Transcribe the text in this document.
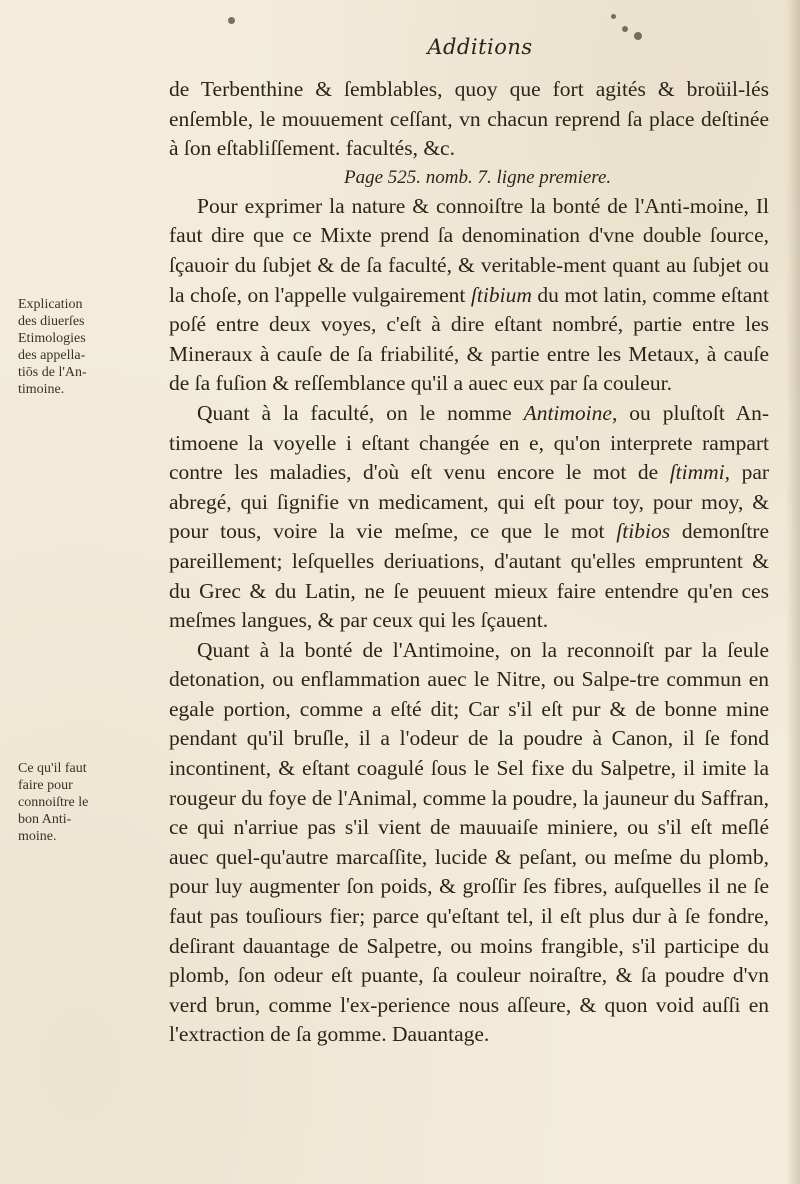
Additions

de Terbenthine & ſemblables, quoy que fort agités & broüil-lés enſemble, le mouuement ceſſant, vn chacun reprend ſa place deſtinée à ſon eſtabliſſement. facultés, &c.

Page 525. nomb. 7. ligne premiere.

Pour exprimer la nature & connoiſtre la bonté de l'Anti-moine, Il faut dire que ce Mixte prend ſa denomination d'vne double ſource, ſçauoir du ſubjet & de ſa faculté, & veritable-ment quant au ſubjet ou la choſe, on l'appelle vulgairement ſtibium du mot latin, comme eſtant poſé entre deux voyes, c'eſt à dire eſtant nombré, partie entre les Mineraux à cauſe de ſa friabilité, & partie entre les Metaux, à cauſe de ſa fuſion & reſſemblance qu'il a auec eux par ſa couleur.

Quant à la faculté, on le nomme Antimoine, ou pluſtoſt An-timoene la voyelle i eſtant changée en e, qu'on interprete rampart contre les maladies, d'où eſt venu encore le mot de ſtimmi, par abregé, qui ſignifie vn medicament, qui eſt pour toy, pour moy, & pour tous, voire la vie meſme, ce que le mot ſtibios demonſtre pareillement; leſquelles deriuations, d'autant qu'elles empruntent & du Grec & du Latin, ne ſe peuuent mieux faire entendre qu'en ces meſmes langues, & par ceux qui les ſçauent.

Quant à la bonté de l'Antimoine, on la reconnoiſt par la ſeule detonation, ou enflammation auec le Nitre, ou Salpe-tre commun en egale portion, comme a eſté dit; Car s'il eſt pur & de bonne mine pendant qu'il bruſle, il a l'odeur de la poudre à Canon, il ſe fond incontinent, & eſtant coagulé ſous le Sel fixe du Salpetre, il imite la rougeur du foye de l'Animal, comme la poudre, la jauneur du Saffran, ce qui n'arriue pas s'il vient de mauuaiſe miniere, ou s'il eſt meſlé auec quel-qu'autre marcaſſite, lucide & peſant, ou meſme du plomb, pour luy augmenter ſon poids, & groſſir ſes fibres, auſquelles il ne ſe faut pas touſiours fier; parce qu'eſtant tel, il eſt plus dur à ſe fondre, deſirant dauantage de Salpetre, ou moins frangible, s'il participe du plomb, ſon odeur eſt puante, ſa couleur noiraſtre, & ſa poudre d'vn verd brun, comme l'ex-perience nous aſſeure, & quon void auſſi en l'extraction de ſa gomme. Dauantage.

Explication
des diuerſes
Etimologies
des appella-
tiōs de l'An-
timoine.
Ce qu'il faut
faire pour
connoiſtre le
bon Anti-
moine.
